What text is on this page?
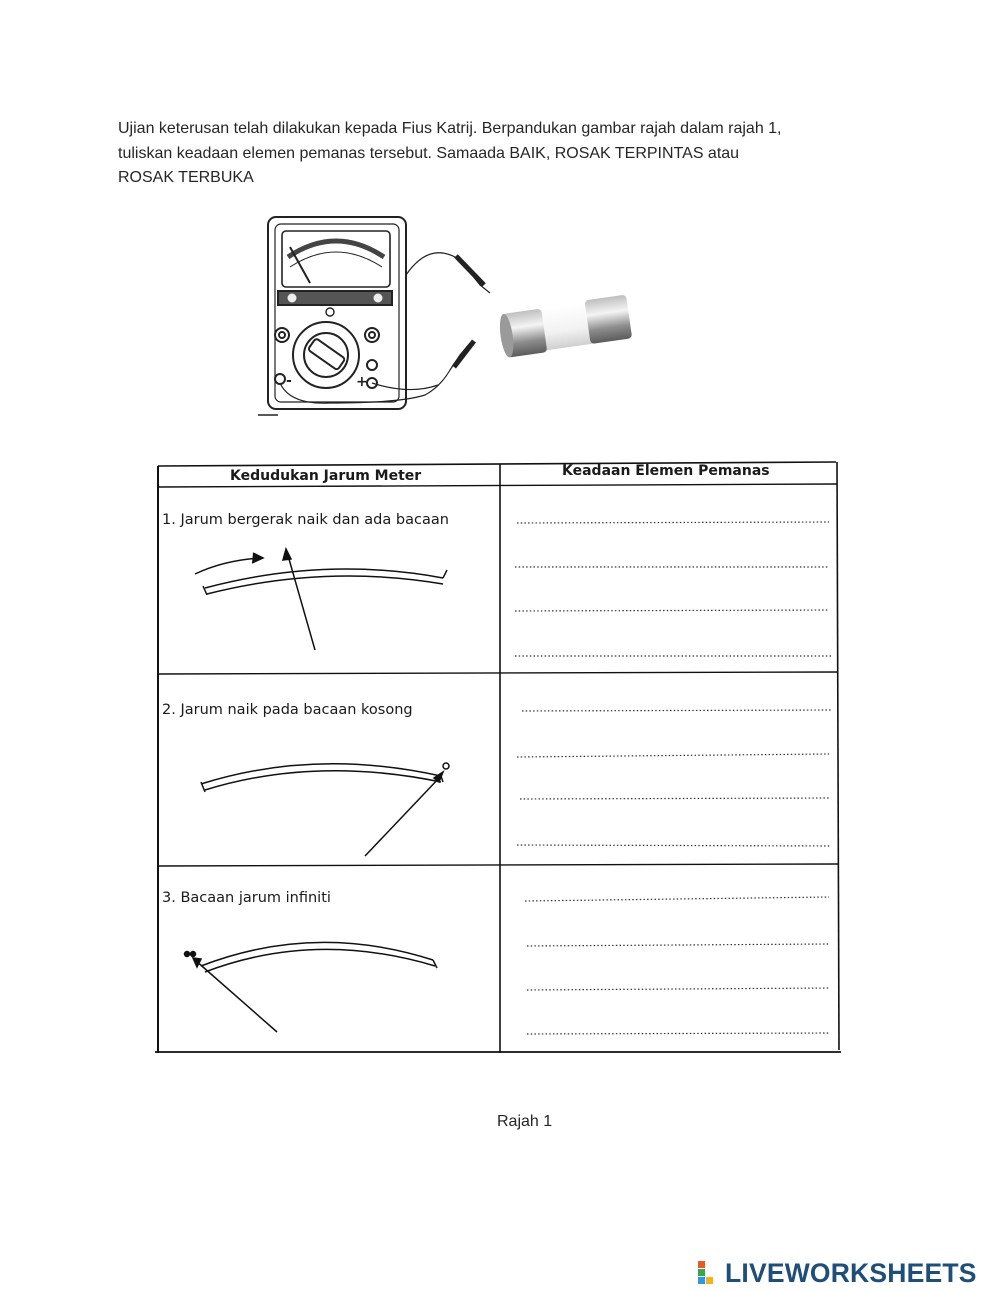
Ujian keterusan telah dilakukan kepada Fius Katrij. Berpandukan gambar rajah dalam rajah 1,
tuliskan keadaan elemen pemanas tersebut. Samaada BAIK, ROSAK TERPINTAS atau
ROSAK TERBUKA
-	+
Kedudukan Jarum Meter	Keadaan Elemen Pemanas
1. Jarum bergerak naik dan ada bacaan
2. Jarum naik pada bacaan kosong
3. Bacaan jarum infiniti
Rajah 1
LIVEWORKSHEETS
